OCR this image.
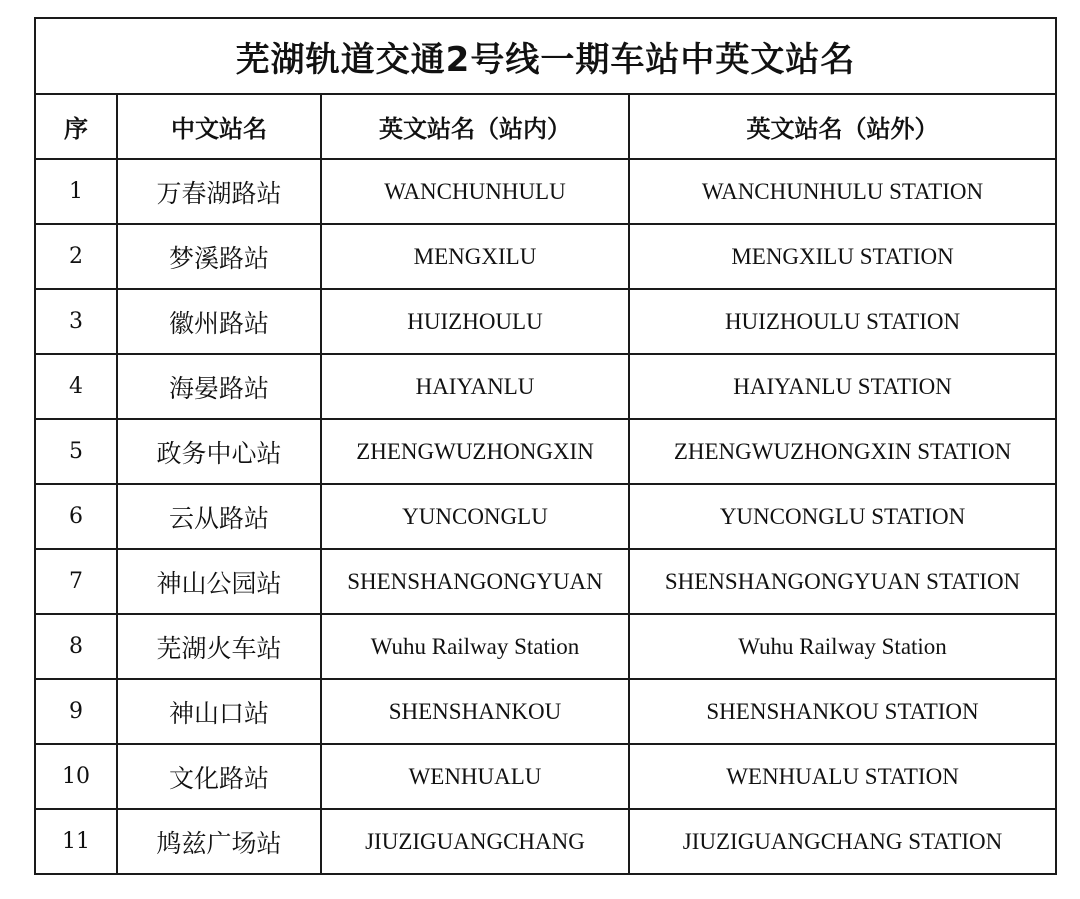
芜湖轨道交通2号线一期车站中英文站名			
序	中文站名	英文站名（站内）	英文站名（站外）
1	万春湖路站	WANCHUNHULU	WANCHUNHULU STATION
2	梦溪路站	MENGXILU	MENGXILU STATION
3	徽州路站	HUIZHOULU	HUIZHOULU STATION
4	海晏路站	HAIYANLU	HAIYANLU STATION
5	政务中心站	ZHENGWUZHONGXIN	ZHENGWUZHONGXIN STATION
6	云从路站	YUNCONGLU	YUNCONGLU STATION
7	神山公园站	SHENSHANGONGYUAN	SHENSHANGONGYUAN STATION
8	芜湖火车站	Wuhu Railway Station	Wuhu Railway Station
9	神山口站	SHENSHANKOU	SHENSHANKOU STATION
10	文化路站	WENHUALU	WENHUALU STATION
11	鸠兹广场站	JIUZIGUANGCHANG	JIUZIGUANGCHANG STATION
